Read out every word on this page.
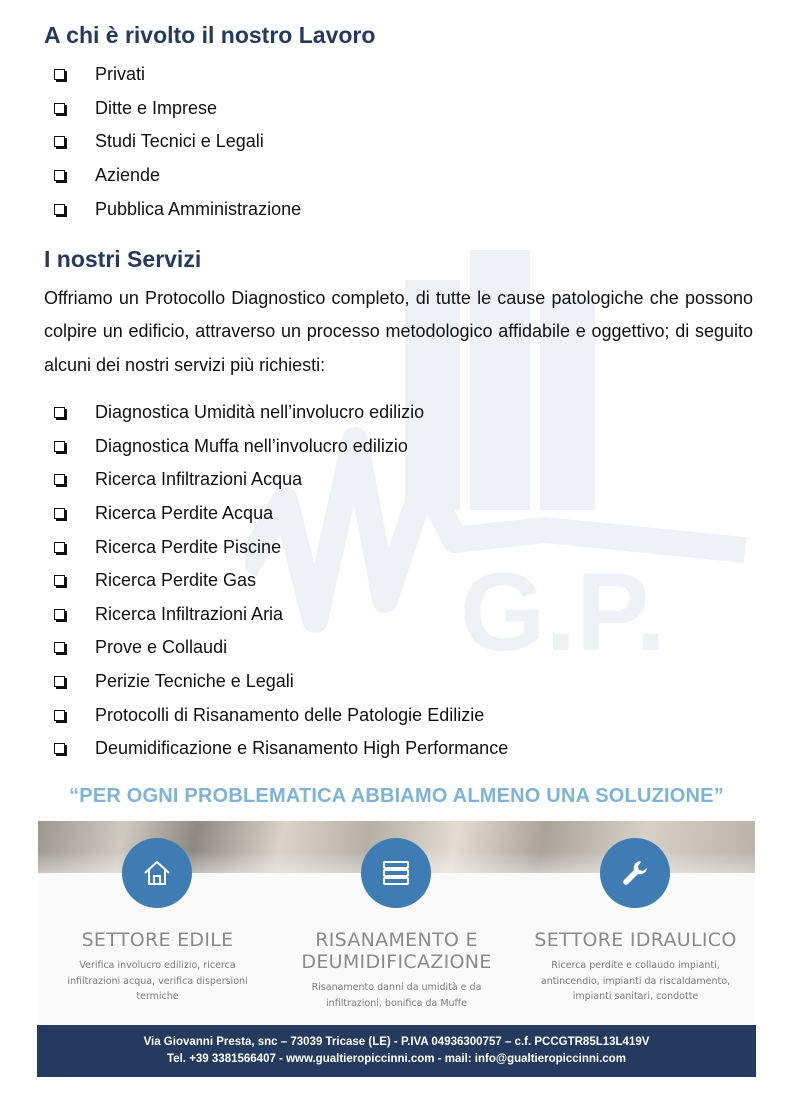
G.P.
A chi è rivolto il nostro Lavoro
Privati
Ditte e Imprese
Studi Tecnici e Legali
Aziende
Pubblica Amministrazione
I nostri Servizi

Offriamo un Protocollo Diagnostico completo, di tutte le cause patologiche che possono colpire un edificio, attraverso un processo metodologico affidabile e oggettivo; di seguito alcuni dei nostri servizi più richiesti:

Diagnostica Umidità nell’involucro edilizio
Diagnostica Muffa nell’involucro edilizio
Ricerca Infiltrazioni Acqua
Ricerca Perdite Acqua
Ricerca Perdite Piscine
Ricerca Perdite Gas
Ricerca Infiltrazioni Aria
Prove e Collaudi
Perizie Tecniche e Legali
Protocolli di Risanamento delle Patologie Edilizie
Deumidificazione e Risanamento High Performance
“PER OGNI PROBLEMATICA ABBIAMO ALMENO UNA SOLUZIONE”
SETTORE EDILE
Verifica involucro edilizio, ricerca infiltrazioni acqua, verifica dispersioni termiche
RISANAMENTO E DEUMIDIFICAZIONE
Risanamento danni da umidità e da infiltrazioni, bonifica da Muffe
SETTORE IDRAULICO
Ricerca perdite e collaudo impianti, antincendio, impianti da riscaldamento, impianti sanitari, condotte
Via Giovanni Presta, snc – 73039 Tricase (LE) - P.IVA 04936300757 – c.f. PCCGTR85L13L419V
Tel. +39 3381566407 - www.gualtieropiccinni.com - mail: info@gualtieropiccinni.com
